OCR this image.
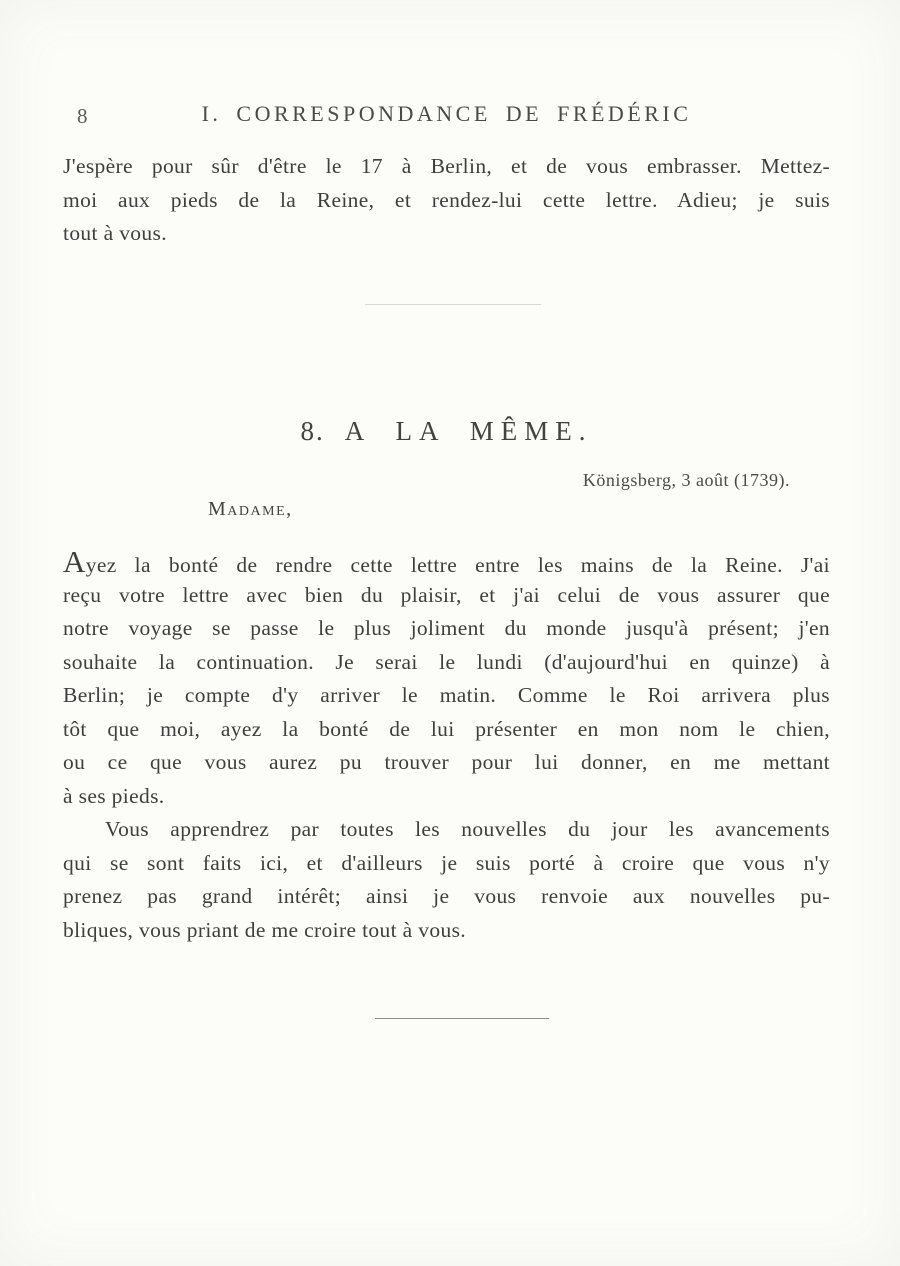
8	I. CORRESPONDANCE DE FRÉDÉRIC
J'espère pour sûr d'être le 17 à Berlin, et de vous embrasser. Mettez-
moi aux pieds de la Reine, et rendez-lui cette lettre. Adieu; je suis
tout à vous.
8. A LA MÊME.
Königsberg, 3 août (1739).
Madame,
Ayez la bonté de rendre cette lettre entre les mains de la Reine. J'ai
reçu votre lettre avec bien du plaisir, et j'ai celui de vous assurer que
notre voyage se passe le plus joliment du monde jusqu'à présent; j'en
souhaite la continuation. Je serai le lundi (d'aujourd'hui en quinze) à
Berlin; je compte d'y arriver le matin. Comme le Roi arrivera plus
tôt que moi, ayez la bonté de lui présenter en mon nom le chien,
ou ce que vous aurez pu trouver pour lui donner, en me mettant
à ses pieds.
Vous apprendrez par toutes les nouvelles du jour les avancements
qui se sont faits ici, et d'ailleurs je suis porté à croire que vous n'y
prenez pas grand intérêt; ainsi je vous renvoie aux nouvelles pu-
bliques, vous priant de me croire tout à vous.
